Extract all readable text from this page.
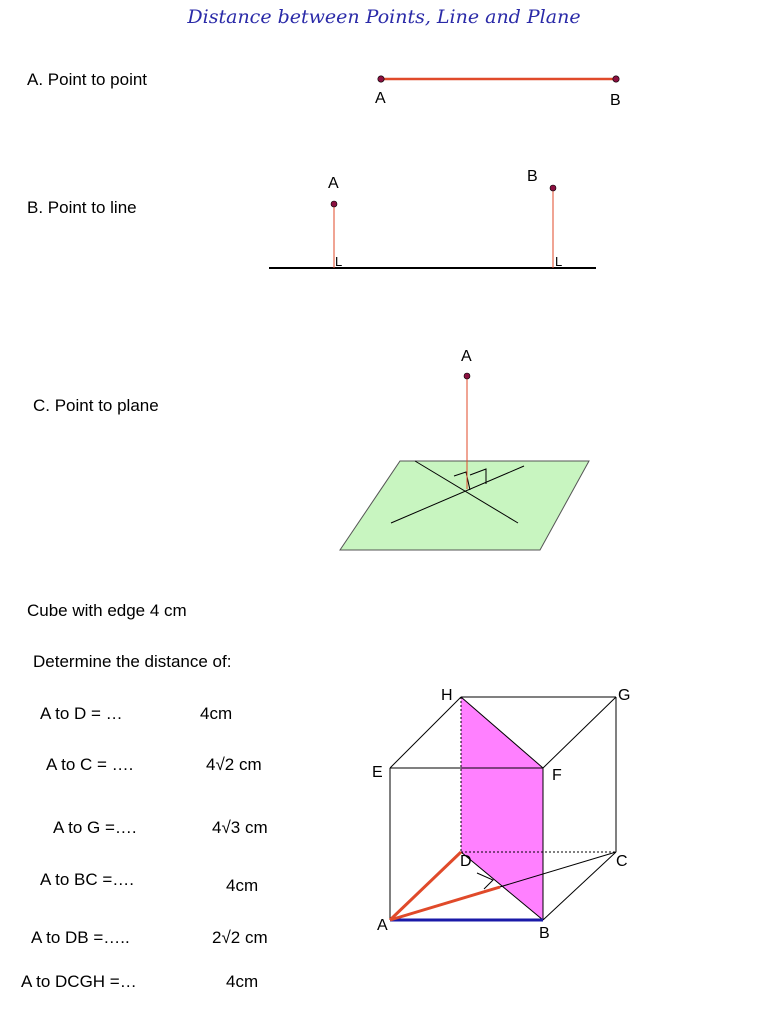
Distance between Points, Line and Plane
A. Point to point
B. Point to line
C. Point to plane
Cube with edge 4 cm
Determine the distance of:
A to D = …	4cm
A to C = ….	4√2 cm
A to G =….	4√3 cm
A to BC =….	4cm
A to DB =…..	2√2 cm
A to DCGH =…	4cm
A	B
A	B
L	L
A
A	B
C
D
E	F
G
H
